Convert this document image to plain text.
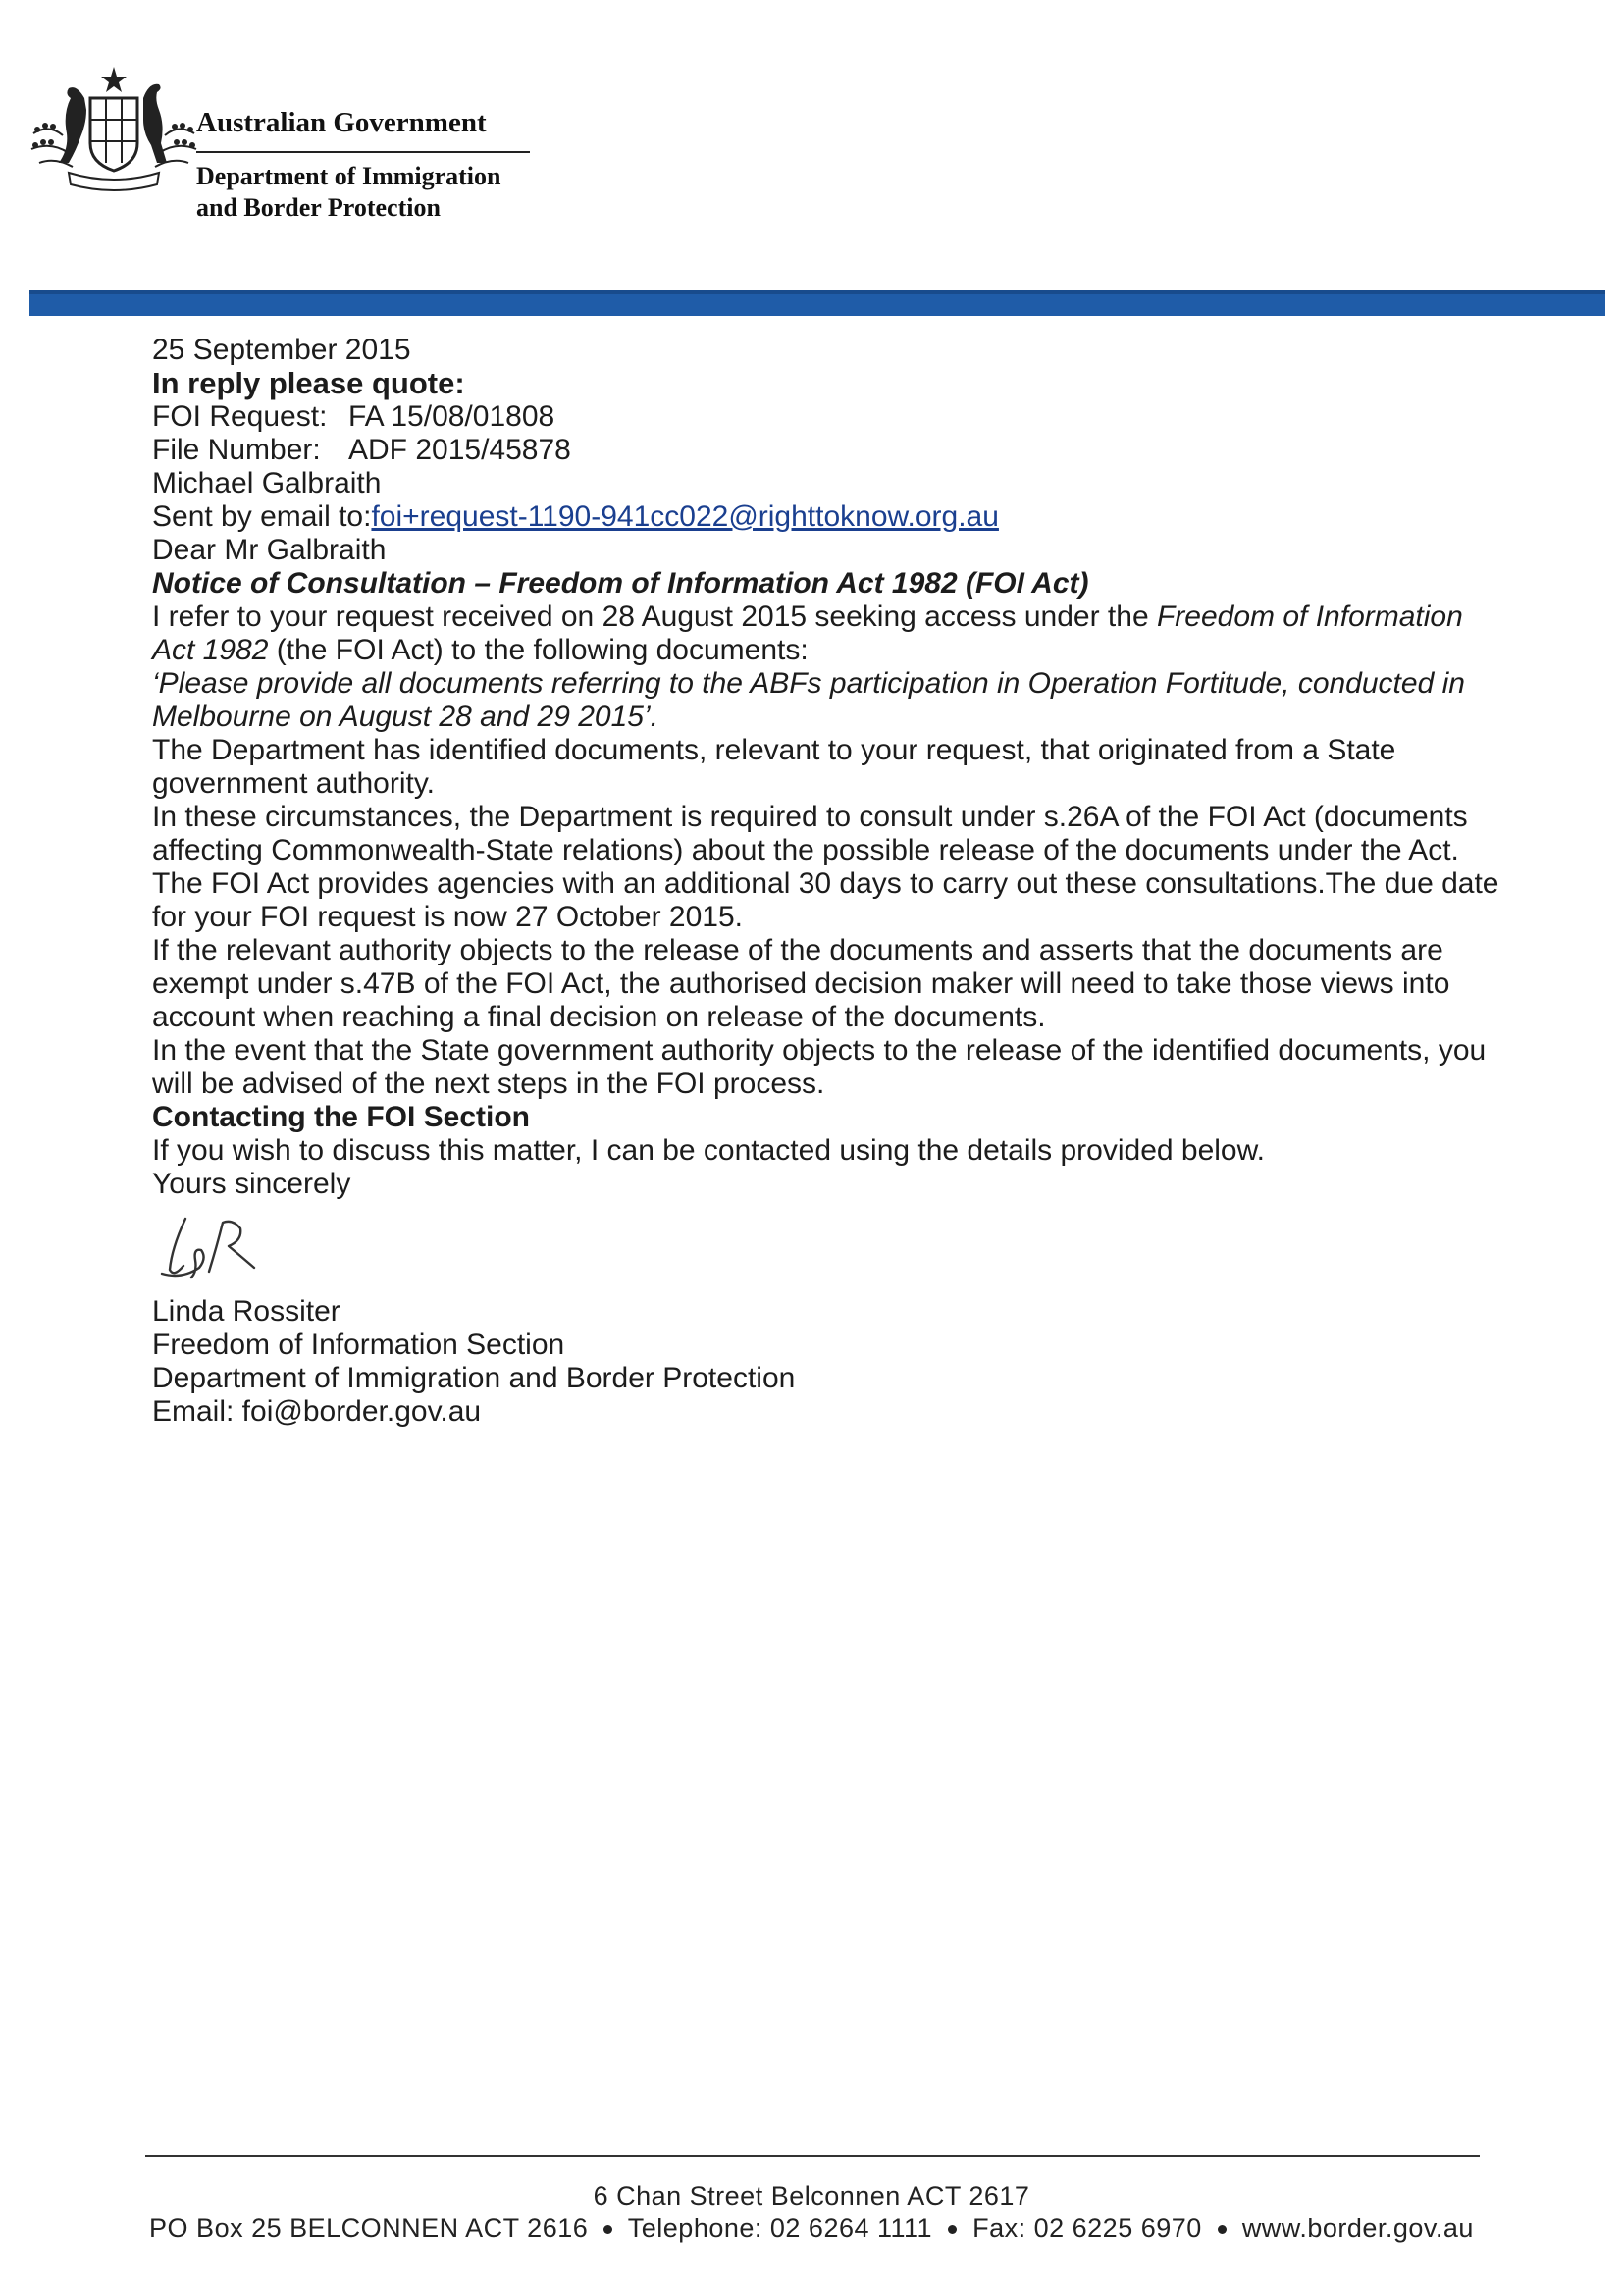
Australian Government
Department of Immigration
and Border Protection

25 September 2015

In reply please quote:

FOI Request: FA 15/08/01808

File Number: ADF 2015/45878

Michael Galbraith

Sent by email to:foi+request-1190-941cc022@righttoknow.org.au

Dear Mr Galbraith

Notice of Consultation – Freedom of Information Act 1982 (FOI Act)

I refer to your request received on 28 August 2015 seeking access under the Freedom of Information Act 1982 (the FOI Act) to the following documents:

‘Please provide all documents referring to the ABFs participation in Operation Fortitude, conducted in Melbourne on August 28 and 29 2015’.

The Department has identified documents, relevant to your request, that originated from a State government authority.

In these circumstances, the Department is required to consult under s.26A of the FOI Act (documents affecting Commonwealth-State relations) about the possible release of the documents under the Act.

The FOI Act provides agencies with an additional 30 days to carry out these consultations.The due date for your FOI request is now 27 October 2015.

If the relevant authority objects to the release of the documents and asserts that the documents are exempt under s.47B of the FOI Act, the authorised decision maker will need to take those views into account when reaching a final decision on release of the documents.

In the event that the State government authority objects to the release of the identified documents, you will be advised of the next steps in the FOI process.

Contacting the FOI Section

If you wish to discuss this matter, I can be contacted using the details provided below.

Yours sincerely

Linda Rossiter

Freedom of Information Section

Department of Immigration and Border Protection

Email: foi@border.gov.au

6 Chan Street Belconnen ACT 2617
PO Box 25 BELCONNEN ACT 2616 Telephone: 02 6264 1111 Fax: 02 6225 6970 www.border.gov.au
